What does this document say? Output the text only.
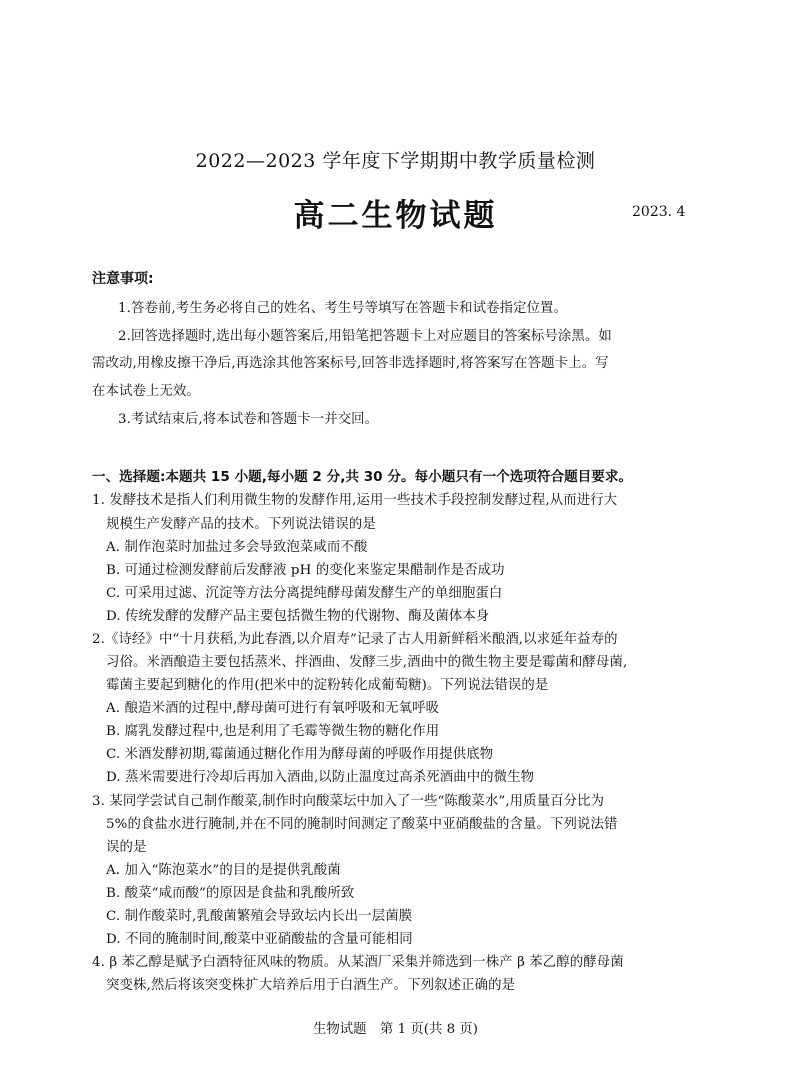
2022—2023 学年度下学期期中教学质量检测
高二生物试题	2023. 4
注意事项:
1.答卷前,考生务必将自己的姓名、考生号等填写在答题卡和试卷指定位置。
2.回答选择题时,选出每小题答案后,用铅笔把答题卡上对应题目的答案标号涂黑。如
需改动,用橡皮擦干净后,再选涂其他答案标号,回答非选择题时,将答案写在答题卡上。写
在本试卷上无效。
3.考试结束后,将本试卷和答题卡一并交回。
一、选择题:本题共 15 小题,每小题 2 分,共 30 分。每小题只有一个选项符合题目要求。
1. 发酵技术是指人们利用微生物的发酵作用,运用一些技术手段控制发酵过程,从而进行大
规模生产发酵产品的技术。下列说法错误的是
A. 制作泡菜时加盐过多会导致泡菜咸而不酸
B. 可通过检测发酵前后发酵液 pH 的变化来鉴定果醋制作是否成功
C. 可采用过滤、沉淀等方法分离提纯酵母菌发酵生产的单细胞蛋白
D. 传统发酵的发酵产品主要包括微生物的代谢物、酶及菌体本身
2.《诗经》中“十月获稻,为此春酒,以介眉寿”记录了古人用新鲜稻米酿酒,以求延年益寿的
习俗。米酒酿造主要包括蒸米、拌酒曲、发酵三步,酒曲中的微生物主要是霉菌和酵母菌,
霉菌主要起到糖化的作用(把米中的淀粉转化成葡萄糖)。下列说法错误的是
A. 酿造米酒的过程中,酵母菌可进行有氧呼吸和无氧呼吸
B. 腐乳发酵过程中,也是利用了毛霉等微生物的糖化作用
C. 米酒发酵初期,霉菌通过糖化作用为酵母菌的呼吸作用提供底物
D. 蒸米需要进行冷却后再加入酒曲,以防止温度过高杀死酒曲中的微生物
3. 某同学尝试自己制作酸菜,制作时向酸菜坛中加入了一些“陈酸菜水”,用质量百分比为
5%的食盐水进行腌制,并在不同的腌制时间测定了酸菜中亚硝酸盐的含量。下列说法错
误的是
A. 加入“陈泡菜水”的目的是提供乳酸菌
B. 酸菜“咸而酸”的原因是食盐和乳酸所致
C. 制作酸菜时,乳酸菌繁殖会导致坛内长出一层菌膜
D. 不同的腌制时间,酸菜中亚硝酸盐的含量可能相同
4. β 苯乙醇是赋予白酒特征风味的物质。从某酒厂采集并筛选到一株产 β 苯乙醇的酵母菌
突变株,然后将该突变株扩大培养后用于白酒生产。下列叙述正确的是
生物试题　第 1 页(共 8 页)
